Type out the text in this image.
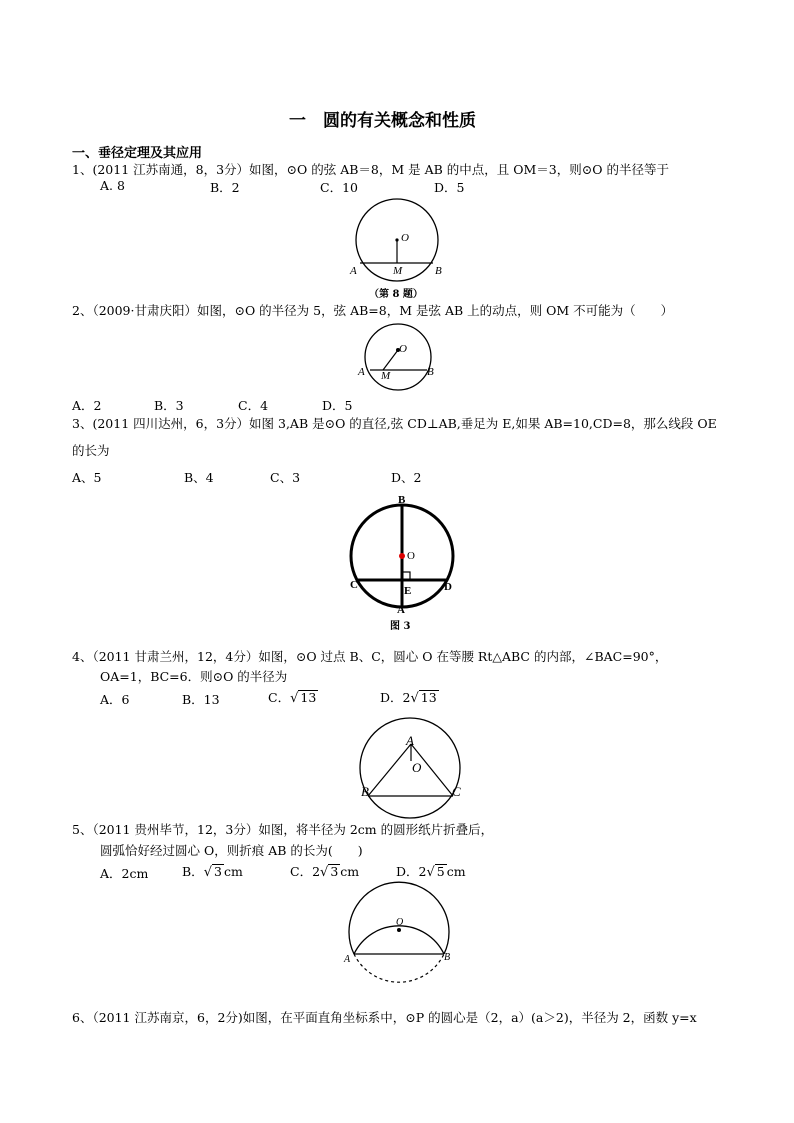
一　圆的有关概念和性质
一、垂径定理及其应用
1、(2011 江苏南通，8，3分）如图，⊙O 的弦 AB＝8，M 是 AB 的中点，且 OM＝3，则⊙O 的半径等于
A. 8	B．2	C．10	D．5
O
A	M	B
（第 8 题）
2、（2009·甘肃庆阳）如图，⊙O 的半径为 5，弦 AB=8，M 是弦 AB 上的动点，则 OM 不可能为（　　）
O
A M	B
A．2	B．3	C．4	D．5
3、(2011 四川达州，6，3分）如图 3,AB 是⊙O 的直径,弦 CD⊥AB,垂足为 E,如果 AB=10,CD=8，那么线段 OE
的长为
A、5	B、4	C、3	D、2
B
O
C	E	D
A
图 3
4、（2011 甘肃兰州，12，4分）如图，⊙O 过点 B、C，圆心 O 在等腰 Rt△ABC 的内部，∠BAC=90°，
OA=1，BC=6．则⊙O 的半径为
A．6	B．13	C．√ 13	D．2√ 13
A
O
B	C
5、（2011 贵州毕节，12，3分）如图，将半径为 2cm 的圆形纸片折叠后，
圆弧恰好经过圆心 O，则折痕 AB 的长为(　　)
A．2cm	B．√ 3 cm	C．2√ 3 cm	D．2√ 5 cm
O
A	B
6、（2011 江苏南京，6，2分)如图，在平面直角坐标系中，⊙P 的圆心是（2，a）(a＞2)，半径为 2，函数 y=x
